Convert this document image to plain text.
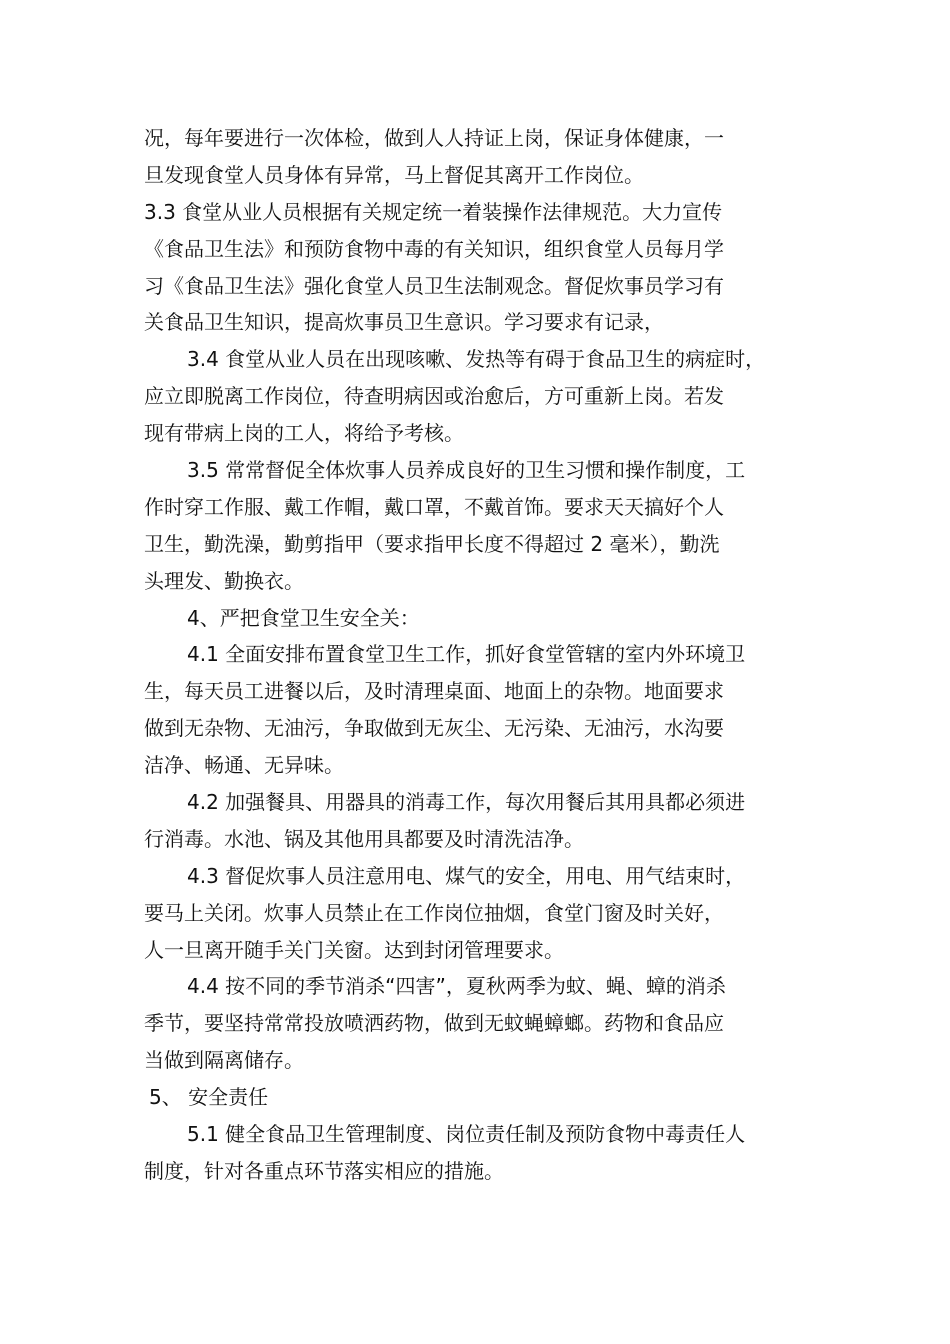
况，每年要进行一次体检，做到人人持证上岗，保证身体健康，一
旦发现食堂人员身体有异常，马上督促其离开工作岗位。
3.3 食堂从业人员根据有关规定统一着装操作法律规范。大力宣传
《食品卫生法》和预防食物中毒的有关知识，组织食堂人员每月学
习《食品卫生法》强化食堂人员卫生法制观念。督促炊事员学习有
关食品卫生知识，提高炊事员卫生意识。学习要求有记录，
3.4 食堂从业人员在出现咳嗽、发热等有碍于食品卫生的病症时，
应立即脱离工作岗位，待查明病因或治愈后，方可重新上岗。若发
现有带病上岗的工人，将给予考核。
3.5 常常督促全体炊事人员养成良好的卫生习惯和操作制度，工
作时穿工作服、戴工作帽，戴口罩，不戴首饰。要求天天搞好个人
卫生，勤洗澡，勤剪指甲（要求指甲长度不得超过 2 毫米），勤洗
头理发、勤换衣。
4、严把食堂卫生安全关：
4.1 全面安排布置食堂卫生工作，抓好食堂管辖的室内外环境卫
生，每天员工进餐以后，及时清理桌面、地面上的杂物。地面要求
做到无杂物、无油污，争取做到无灰尘、无污染、无油污，水沟要
洁净、畅通、无异味。
4.2 加强餐具、用器具的消毒工作，每次用餐后其用具都必须进
行消毒。水池、锅及其他用具都要及时清洗洁净。
4.3 督促炊事人员注意用电、煤气的安全，用电、用气结束时，
要马上关闭。炊事人员禁止在工作岗位抽烟，食堂门窗及时关好，
人一旦离开随手关门关窗。达到封闭管理要求。
4.4 按不同的季节消杀“四害”，夏秋两季为蚊、蝇、蟑的消杀
季节，要坚持常常投放喷洒药物，做到无蚊蝇蟑螂。药物和食品应
当做到隔离储存。
5、 安全责任
5.1 健全食品卫生管理制度、岗位责任制及预防食物中毒责任人
制度，针对各重点环节落实相应的措施。
